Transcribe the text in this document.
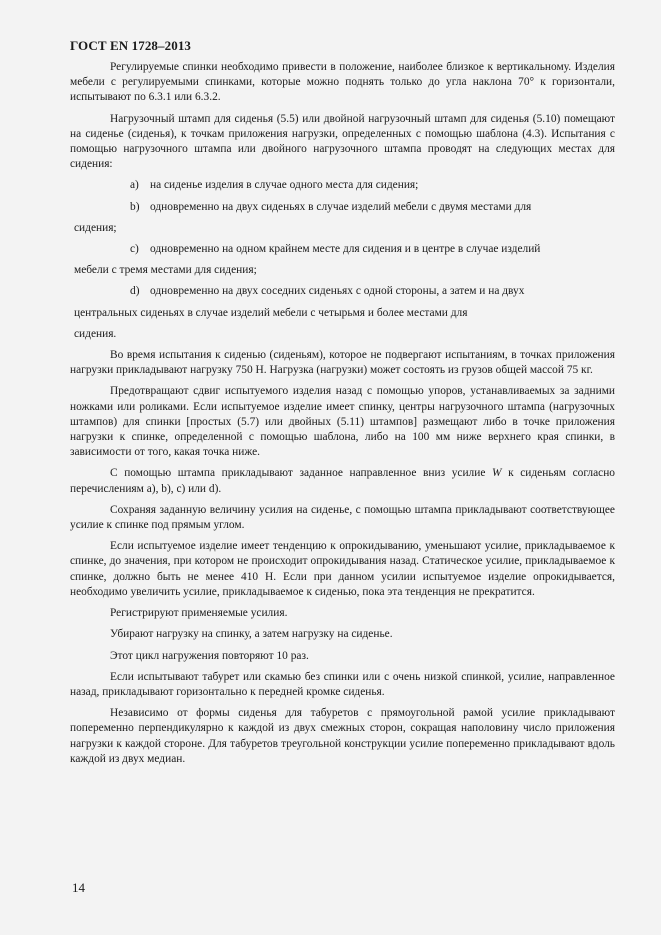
ГОСТ EN 1728–2013

Регулируемые спинки необходимо привести в положение, наиболее близкое к вертикальному. Изделия мебели с регулируемыми спинками, которые можно поднять только до угла наклона 70° к горизонтали, испытывают по 6.3.1 или 6.3.2.

Нагрузочный штамп для сиденья (5.5) или двойной нагрузочный штамп для сиденья (5.10) помещают на сиденье (сиденья), к точкам приложения нагрузки, определенных с помощью шаблона (4.3). Испытания с помощью нагрузочного штампа или двойного нагрузочного штампа проводят на следующих местах для сидения:

a) на сиденье изделия в случае одного места для сидения;
b) одновременно на двух сиденьях в случае изделий мебели с двумя местами для
сидения;
c) одновременно на одном крайнем месте для сидения и в центре в случае изделий
мебели с тремя местами для сидения;
d) одновременно на двух соседних сиденьях с одной стороны, а затем и на двух
центральных сиденьях в случае изделий мебели с четырьмя и более местами для
сидения.

Во время испытания к сиденью (сиденьям), которое не подвергают испытаниям, в точках приложения нагрузки прикладывают нагрузку 750 Н. Нагрузка (нагрузки) может состоять из грузов общей массой 75 кг.

Предотвращают сдвиг испытуемого изделия назад с помощью упоров, устанавливаемых за задними ножками или роликами. Если испытуемое изделие имеет спинку, центры нагрузочного штампа (нагрузочных штампов) для спинки [простых (5.7) или двойных (5.11) штампов] размещают либо в точке приложения нагрузки к спинке, определенной с помощью шаблона, либо на 100 мм ниже верхнего края спинки, в зависимости от того, какая точка ниже.

С помощью штампа прикладывают заданное направленное вниз усилие W к сиденьям согласно перечислениям а), b), c) или d).

Сохраняя заданную величину усилия на сиденье, с помощью штампа прикладывают соответствующее усилие к спинке под прямым углом.

Если испытуемое изделие имеет тенденцию к опрокидыванию, уменьшают усилие, прикладываемое к спинке, до значения, при котором не происходит опрокидывания назад. Статическое усилие, прикладываемое к спинке, должно быть не менее 410 Н. Если при данном усилии испытуемое изделие опрокидывается, необходимо увеличить усилие, прикладываемое к сиденью, пока эта тенденция не прекратится.

Регистрируют применяемые усилия.

Убирают нагрузку на спинку, а затем нагрузку на сиденье.

Этот цикл нагружения повторяют 10 раз.

Если испытывают табурет или скамью без спинки или с очень низкой спинкой, усилие, направленное назад, прикладывают горизонтально к передней кромке сиденья.

Независимо от формы сиденья для табуретов с прямоугольной рамой усилие прикладывают попеременно перпендикулярно к каждой из двух смежных сторон, сокращая наполовину число приложения нагрузки к каждой стороне. Для табуретов треугольной конструкции усилие попеременно прикладывают вдоль каждой из двух медиан.

14
